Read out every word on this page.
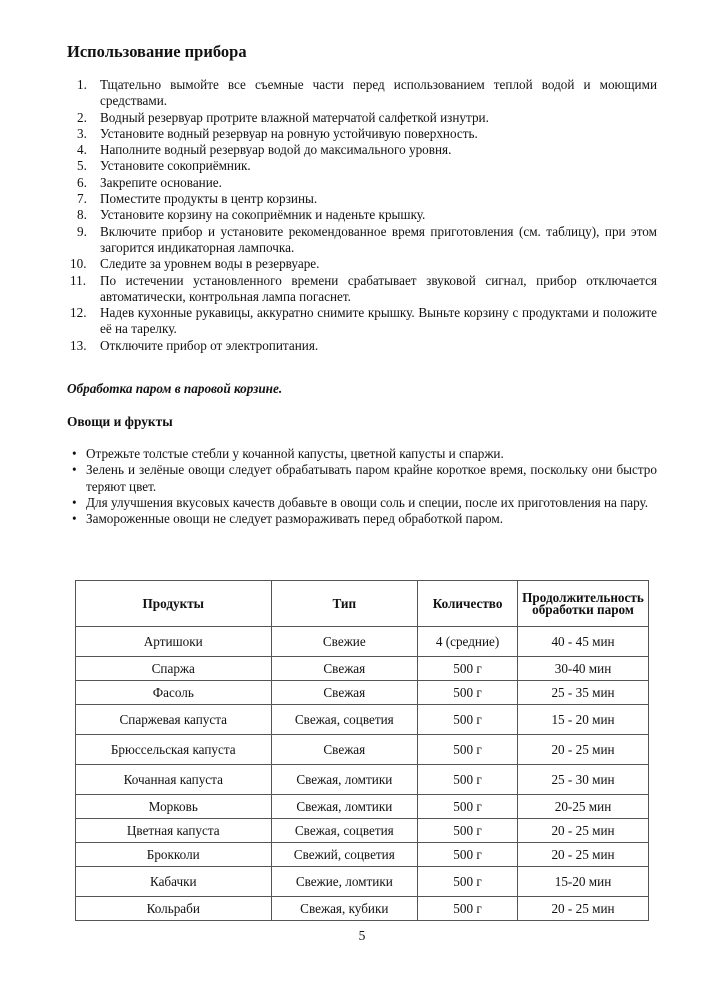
Использование прибора
1. Тщательно вымойте все съемные части перед использованием теплой водой и моющими средствами.
2. Водный резервуар протрите влажной матерчатой салфеткой изнутри.
3. Установите водный резервуар на ровную устойчивую поверхность.
4. Наполните водный резервуар водой до максимального уровня.
5. Установите сокоприёмник.
6. Закрепите основание.
7. Поместите продукты в центр корзины.
8. Установите корзину на сокоприёмник и наденьте крышку.
9. Включите прибор и установите рекомендованное время приготовления (см. таблицу), при этом загорится индикаторная лампочка.
10. Следите за уровнем воды в резервуаре.
11. По истечении установленного времени срабатывает звуковой сигнал, прибор отключается автоматически, контрольная лампа погаснет.
12. Надев кухонные рукавицы, аккуратно снимите крышку. Выньте корзину с продуктами и положите её на тарелку.
13. Отключите прибор от электропитания.

Обработка паром в паровой корзине.

Овощи и фрукты

• Отрежьте толстые стебли у кочанной капусты, цветной капусты и спаржи.
• Зелень и зелёные овощи следует обрабатывать паром крайне короткое время, поскольку они быстро теряют цвет.
• Для улучшения вкусовых качеств добавьте в овощи соль и специи, после их приготовления на пару.
• Замороженные овощи не следует размораживать перед обработкой паром.
Продукты	Тип	Количество	Продолжительность обработки паром
Артишоки	Свежие	4 (средние)	40 - 45 мин
Спаржа	Свежая	500 г	30-40 мин
Фасоль	Свежая	500 г	25 - 35 мин
Спаржевая капуста	Свежая, соцветия	500 г	15 - 20 мин
Брюссельская капуста	Свежая	500 г	20 - 25 мин
Кочанная капуста	Свежая, ломтики	500 г	25 - 30 мин
Морковь	Свежая, ломтики	500 г	20-25 мин
Цветная капуста	Свежая, соцветия	500 г	20 - 25 мин
Брокколи	Свежий, соцветия	500 г	20 - 25 мин
Кабачки	Свежие, ломтики	500 г	15-20 мин
Кольраби	Свежая, кубики	500 г	20 - 25 мин
5
